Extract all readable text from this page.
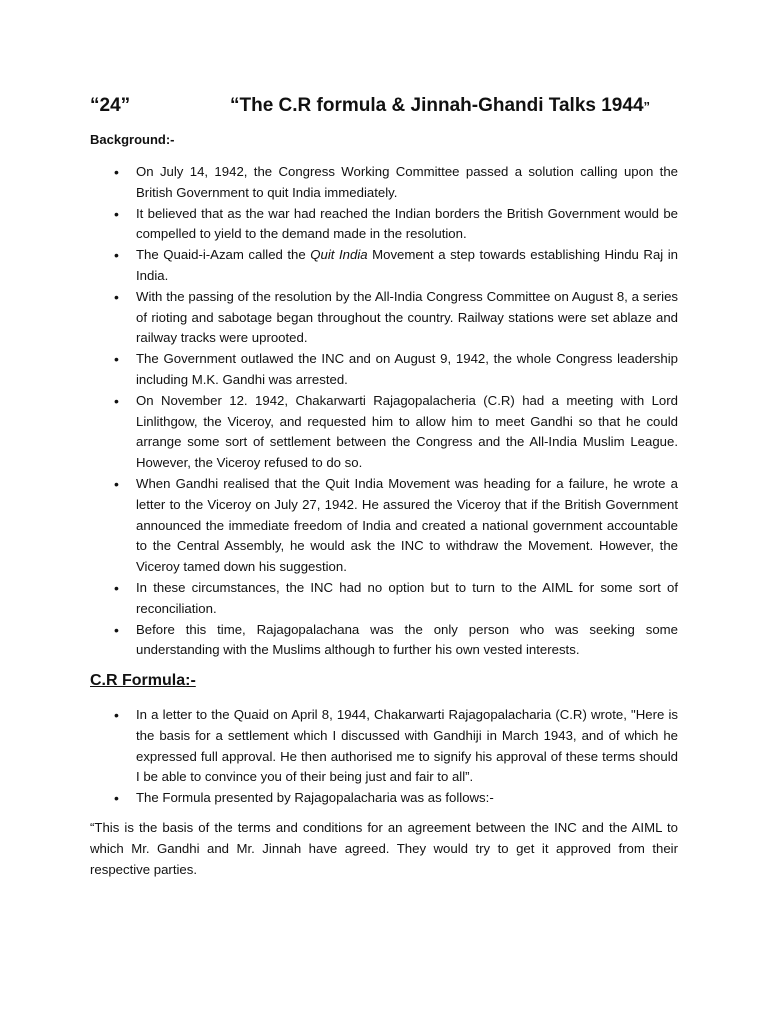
“24”	“The C.R formula & Jinnah-Ghandi Talks 1944”
Background:-
• On July 14, 1942, the Congress Working Committee passed a solution calling upon the British Government to quit India immediately.
• It believed that as the war had reached the Indian borders the British Government would be compelled to yield to the demand made in the resolution.
• The Quaid-i-Azam called the Quit India Movement a step towards establishing Hindu Raj in India.
• With the passing of the resolution by the All-India Congress Committee on August 8, a series of rioting and sabotage began throughout the country. Railway stations were set ablaze and railway tracks were uprooted.
• The Government outlawed the INC and on August 9, 1942, the whole Congress leadership including M.K. Gandhi was arrested.
• On November 12. 1942, Chakarwarti Rajagopalacheria (C.R) had a meeting with Lord Linlithgow, the Viceroy, and requested him to allow him to meet Gandhi so that he could arrange some sort of settlement between the Congress and the All-India Muslim League. However, the Viceroy refused to do so.
• When Gandhi realised that the Quit India Movement was heading for a failure, he wrote a letter to the Viceroy on July 27, 1942. He assured the Viceroy that if the British Government announced the immediate freedom of India and created a national government accountable to the Central Assembly, he would ask the INC to withdraw the Movement. However, the Viceroy tamed down his suggestion.
• In these circumstances, the INC had no option but to turn to the AIML for some sort of reconciliation.
• Before this time, Rajagopalachana was the only person who was seeking some understanding with the Muslims although to further his own vested interests.
C.R Formula:-
• In a letter to the Quaid on April 8, 1944, Chakarwarti Rajagopalacharia (C.R) wrote, "Here is the basis for a settlement which I discussed with Gandhiji in March 1943, and of which he expressed full approval. He then authorised me to signify his approval of these terms should I be able to convince you of their being just and fair to all”.
• The Formula presented by Rajagopalacharia was as follows:-

“This is the basis of the terms and conditions for an agreement between the INC and the AIML to which Mr. Gandhi and Mr. Jinnah have agreed. They would try to get it approved from their respective parties.
